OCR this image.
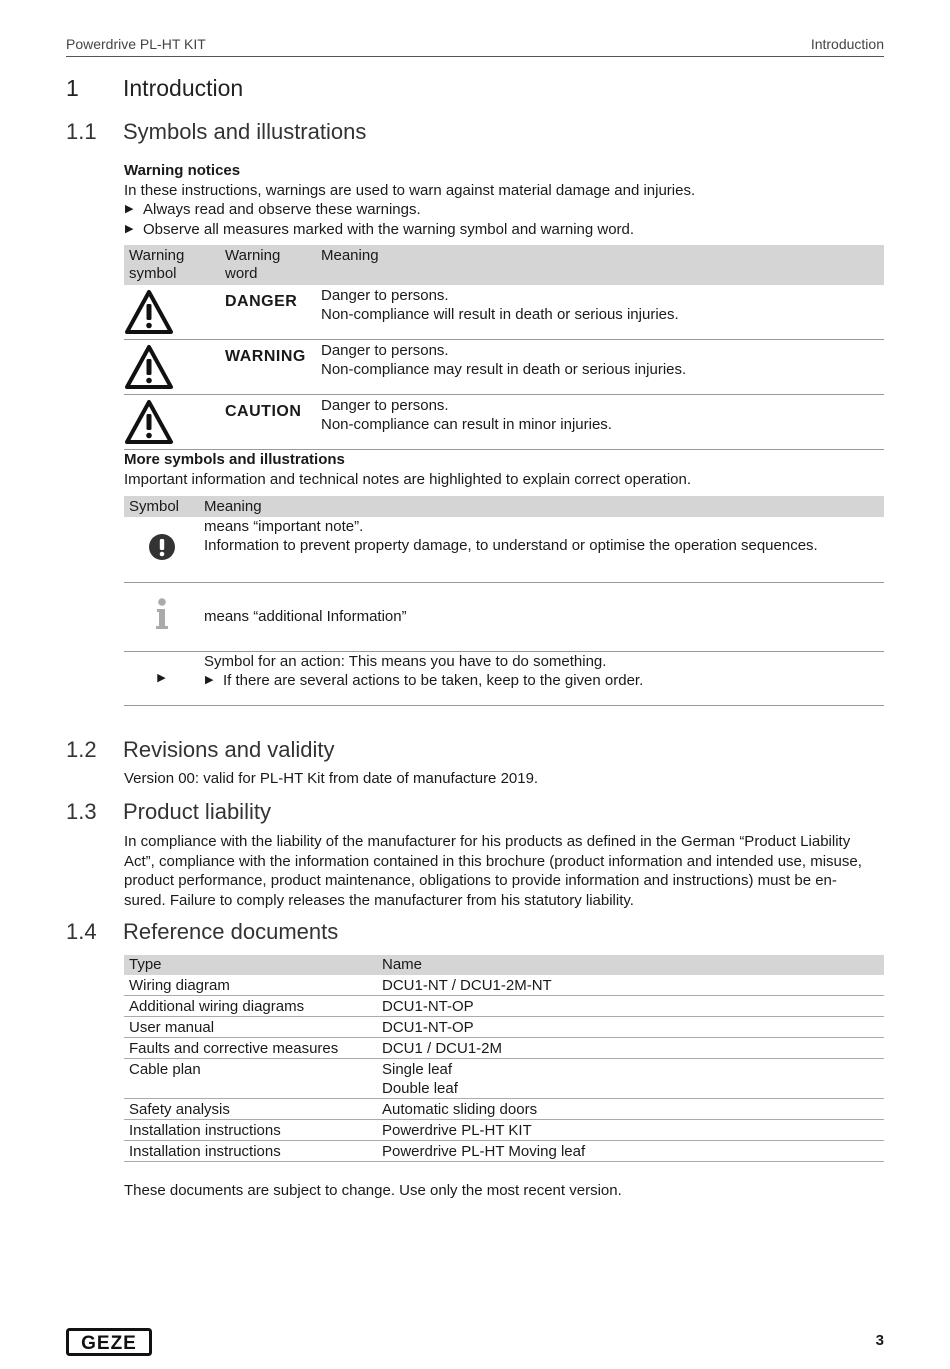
Powerdrive PL-HT KIT	Introduction
1 Introduction
1.1 Symbols and illustrations
Warning notices
In these instructions, warnings are used to warn against material damage and injuries.
▶ Always read and observe these warnings.
▶ Observe all measures marked with the warning symbol and warning word.
Warning symbol	Warning word	Meaning
	DANGER	Danger to persons.
Non-compliance will result in death or serious injuries.

	WARNING	Danger to persons.
Non-compliance may result in death or serious injuries.

	CAUTION	Danger to persons.
Non-compliance can result in minor injuries.
More symbols and illustrations
Important information and technical notes are highlighted to explain correct operation.
Symbol	Meaning

means “important note”.
Information to prevent property damage, to understand or optimise the operation sequences.

	means “additional Information”
▶	Symbol for an action: This means you have to do something.
▶ If there are several actions to be taken, keep to the given order.
1.2 Revisions and validity
Version 00: valid for PL-HT Kit from date of manufacture 2019.
1.3 Product liability
In compliance with the liability of the manufacturer for his products as defined in the German “Product Liability
Act”, compliance with the information contained in this brochure (product information and intended use, misuse,
product performance, product maintenance, obligations to provide information and instructions) must be en-
sured. Failure to comply releases the manufacturer from his statutory liability.
1.4 Reference documents
Type	Name
Wiring diagram	DCU1-NT / DCU1-2M-NT
Additional wiring diagrams	DCU1-NT-OP
User manual	DCU1-NT-OP
Faults and corrective measures	DCU1 / DCU1-2M
Cable plan	Single leaf
Double leaf

Safety analysis	Automatic sliding doors
Installation instructions	Powerdrive PL-HT KIT
Installation instructions	Powerdrive PL-HT Moving leaf
These documents are subject to change. Use only the most recent version.
GEZE	3
